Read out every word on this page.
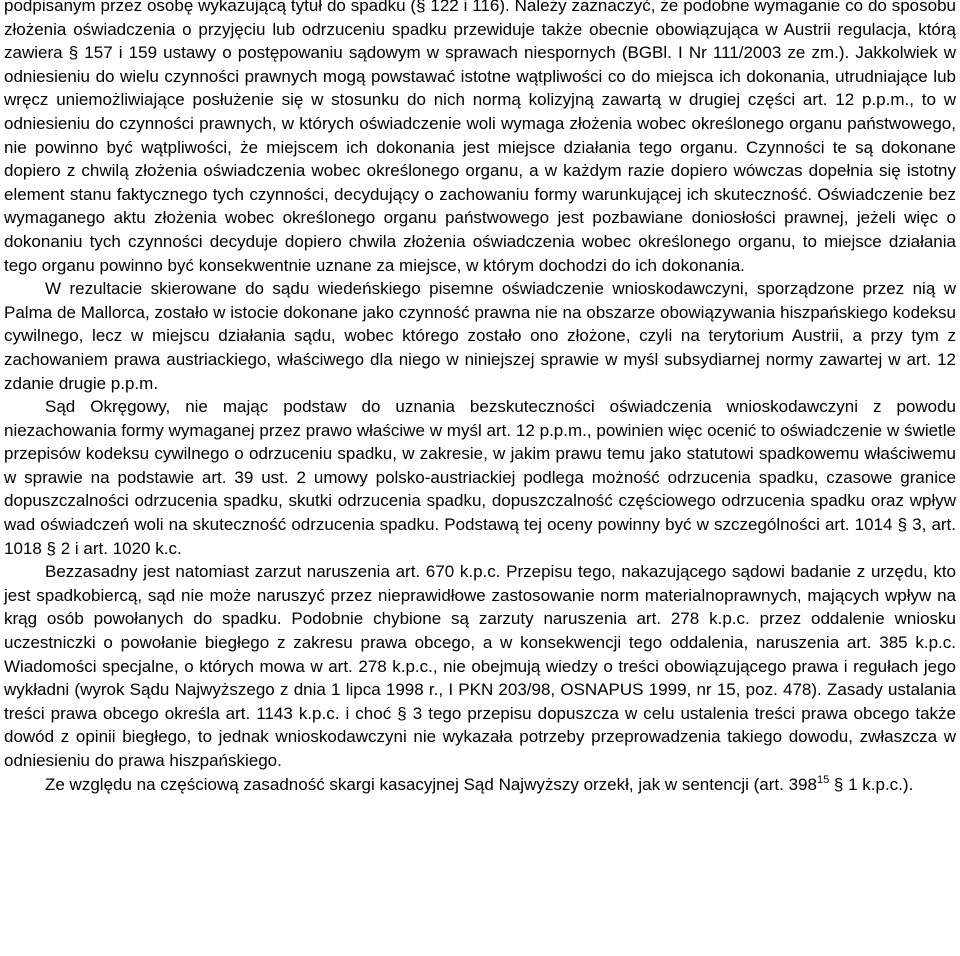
podpisanym przez osobę wykazującą tytuł do spadku (§ 122 i 116). Należy zaznaczyć, że podobne wymaganie co do sposobu złożenia oświadczenia o przyjęciu lub odrzuceniu spadku przewiduje także obecnie obowiązująca w Austrii regulacja, którą zawiera § 157 i 159 ustawy o postępowaniu sądowym w sprawach niespornych (BGBl. I Nr 111/2003 ze zm.). Jakkolwiek w odniesieniu do wielu czynności prawnych mogą powstawać istotne wątpliwości co do miejsca ich dokonania, utrudniające lub wręcz uniemożliwiające posłużenie się w stosunku do nich normą kolizyjną zawartą w drugiej części art. 12 p.p.m., to w odniesieniu do czynności prawnych, w których oświadczenie woli wymaga złożenia wobec określonego organu państwowego, nie powinno być wątpliwości, że miejscem ich dokonania jest miejsce działania tego organu. Czynności te są dokonane dopiero z chwilą złożenia oświadczenia wobec określonego organu, a w każdym razie dopiero wówczas dopełnia się istotny element stanu faktycznego tych czynności, decydujący o zachowaniu formy warunkującej ich skuteczność. Oświadczenie bez wymaganego aktu złożenia wobec określonego organu państwowego jest pozbawiane doniosłości prawnej, jeżeli więc o dokonaniu tych czynności decyduje dopiero chwila złożenia oświadczenia wobec określonego organu, to miejsce działania tego organu powinno być konsekwentnie uznane za miejsce, w którym dochodzi do ich dokonania.

W rezultacie skierowane do sądu wiedeńskiego pisemne oświadczenie wnioskodawczyni, sporządzone przez nią w Palma de Mallorca, zostało w istocie dokonane jako czynność prawna nie na obszarze obowiązywania hiszpańskiego kodeksu cywilnego, lecz w miejscu działania sądu, wobec którego zostało ono złożone, czyli na terytorium Austrii, a przy tym z zachowaniem prawa austriackiego, właściwego dla niego w niniejszej sprawie w myśl subsydiarnej normy zawartej w art. 12 zdanie drugie p.p.m.

Sąd Okręgowy, nie mając podstaw do uznania bezskuteczności oświadczenia wnioskodawczyni z powodu niezachowania formy wymaganej przez prawo właściwe w myśl art. 12 p.p.m., powinien więc ocenić to oświadczenie w świetle przepisów kodeksu cywilnego o odrzuceniu spadku, w zakresie, w jakim prawu temu jako statutowi spadkowemu właściwemu w sprawie na podstawie art. 39 ust. 2 umowy polsko-austriackiej podlega możność odrzucenia spadku, czasowe granice dopuszczalności odrzucenia spadku, skutki odrzucenia spadku, dopuszczalność częściowego odrzucenia spadku oraz wpływ wad oświadczeń woli na skuteczność odrzucenia spadku. Podstawą tej oceny powinny być w szczególności art. 1014 § 3, art. 1018 § 2 i art. 1020 k.c.

Bezzasadny jest natomiast zarzut naruszenia art. 670 k.p.c. Przepisu tego, nakazującego sądowi badanie z urzędu, kto jest spadkobiercą, sąd nie może naruszyć przez nieprawidłowe zastosowanie norm materialnoprawnych, mających wpływ na krąg osób powołanych do spadku. Podobnie chybione są zarzuty naruszenia art. 278 k.p.c. przez oddalenie wniosku uczestniczki o powołanie biegłego z zakresu prawa obcego, a w konsekwencji tego oddalenia, naruszenia art. 385 k.p.c. Wiadomości specjalne, o których mowa w art. 278 k.p.c., nie obejmują wiedzy o treści obowiązującego prawa i regułach jego wykładni (wyrok Sądu Najwyższego z dnia 1 lipca 1998 r., I PKN 203/98, OSNAPUS 1999, nr 15, poz. 478). Zasady ustalania treści prawa obcego określa art. 1143 k.p.c. i choć § 3 tego przepisu dopuszcza w celu ustalenia treści prawa obcego także dowód z opinii biegłego, to jednak wnioskodawczyni nie wykazała potrzeby przeprowadzenia takiego dowodu, zwłaszcza w odniesieniu do prawa hiszpańskiego.

Ze względu na częściową zasadność skargi kasacyjnej Sąd Najwyższy orzekł, jak w sentencji (art. $398^{15}$ § 1 k.p.c.).
